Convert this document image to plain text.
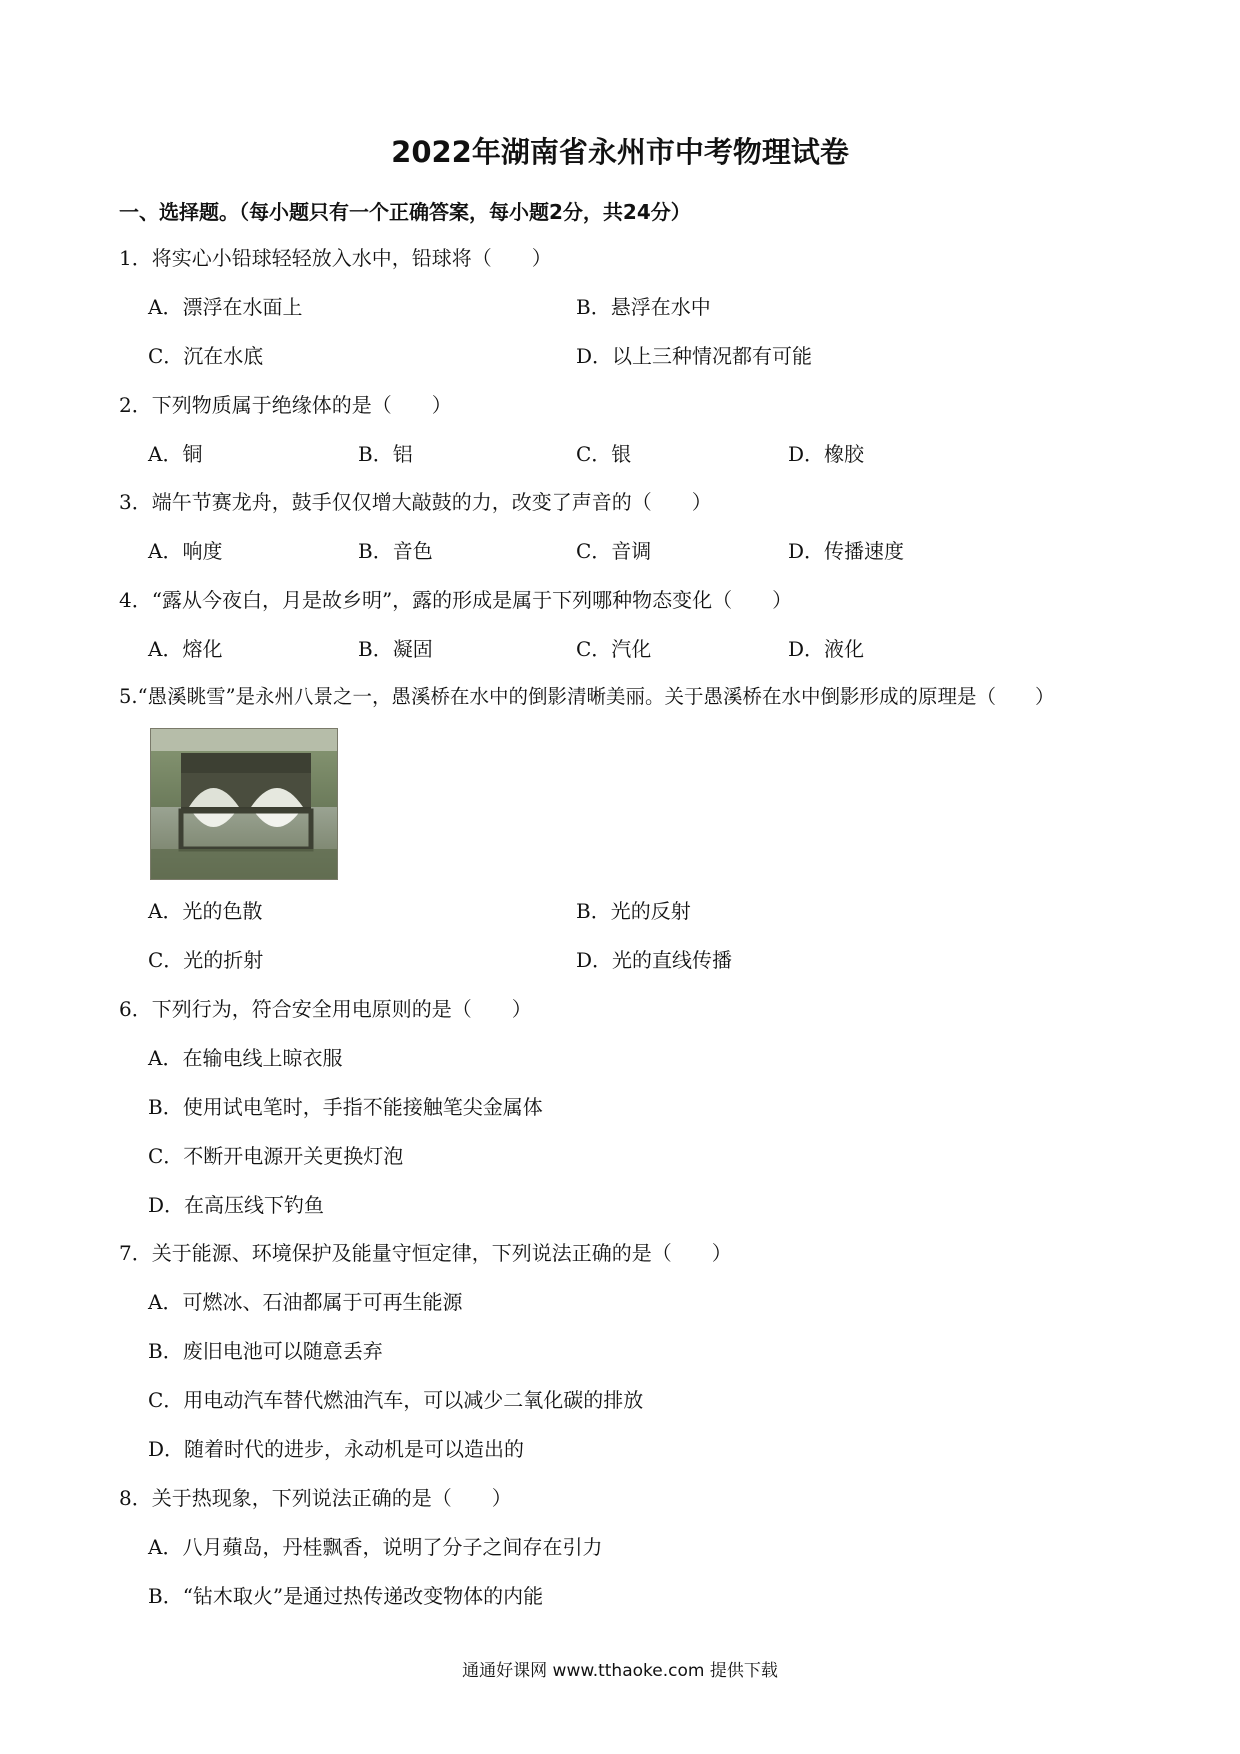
2022年湖南省永州市中考物理试卷
一、选择题。（每小题只有一个正确答案，每小题2分，共24分）
1．将实心小铅球轻轻放入水中，铅球将（　　）
A．漂浮在水面上	B．悬浮在水中
C．沉在水底	D．以上三种情况都有可能
2．下列物质属于绝缘体的是（　　）
A．铜	B．铝	C．银	D．橡胶
3．端午节赛龙舟，鼓手仅仅增大敲鼓的力，改变了声音的（　　）
A．响度	B．音色	C．音调	D．传播速度
4．“露从今夜白，月是故乡明”，露的形成是属于下列哪种物态变化（　　）
A．熔化	B．凝固	C．汽化	D．液化
5.“愚溪眺雪”是永州八景之一，愚溪桥在水中的倒影清晰美丽。关于愚溪桥在水中倒影形成的原理是（　　）
A．光的色散	B．光的反射
C．光的折射	D．光的直线传播
6．下列行为，符合安全用电原则的是（　　）
A．在输电线上晾衣服
B．使用试电笔时，手指不能接触笔尖金属体
C．不断开电源开关更换灯泡
D．在高压线下钓鱼
7．关于能源、环境保护及能量守恒定律，下列说法正确的是（　　）
A．可燃冰、石油都属于可再生能源
B．废旧电池可以随意丢弃
C．用电动汽车替代燃油汽车，可以减少二氧化碳的排放
D．随着时代的进步，永动机是可以造出的
8．关于热现象，下列说法正确的是（　　）
A．八月蘋岛，丹桂飘香，说明了分子之间存在引力
B．“钻木取火”是通过热传递改变物体的内能
通通好课网 www.tthaoke.com 提供下载
